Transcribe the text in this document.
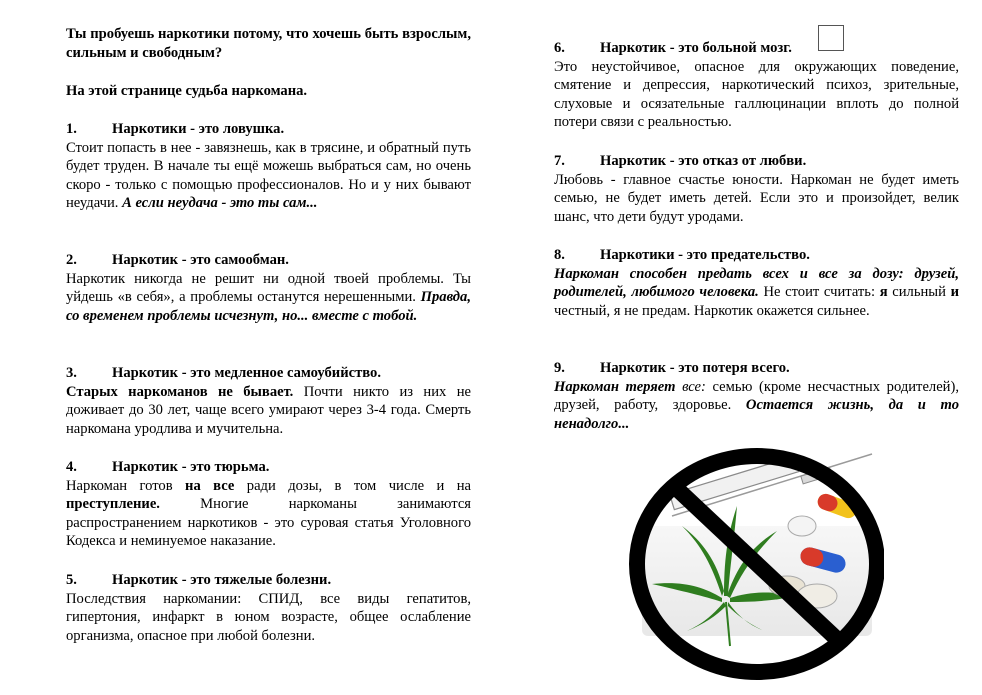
Ты пробуешь наркотики потому, что хочешь быть взрослым, сильным и свободным?
На этой странице судьба наркомана.
1. Наркотики - это ловушка.
Стоит попасть в нее - завязнешь, как в трясине, и обратный путь будет труден. В начале ты ещё можешь выбраться сам, но очень скоро - только с помощью профессионалов. Но и у них бывают неудачи. А если неудача - это ты сам...
2. Наркотик - это самообман.
Наркотик никогда не решит ни одной твоей проблемы. Ты уйдешь «в себя», а проблемы останутся нерешенными. Правда, со временем проблемы исчезнут, но... вместе с тобой.
3. Наркотик - это медленное самоубийство.
Старых наркоманов не бывает. Почти никто из них не доживает до 30 лет, чаще всего умирают через 3-4 года. Смерть наркомана уродлива и мучительна.
4. Наркотик - это тюрьма.
Наркоман готов на все ради дозы, в том числе и на преступление.	Многие наркоманы занимаются распространением наркотиков - это суровая статья Уголовного Кодекса и неминуемое наказание.
5. Наркотик - это тяжелые болезни.
Последствия наркомании: СПИД, все виды гепатитов, гипертония, инфаркт в юном возрасте, общее ослабление организма, опасное при любой болезни.
6. Наркотик - это больной мозг.
Это неустойчивое, опасное для окружающих поведение, смятение и депрессия, наркотический психоз, зрительные, слуховые и осязательные галлюцинации вплоть до полной потери связи с реальностью.
7. Наркотик - это отказ от любви.
Любовь - главное счастье юности. Наркоман не будет иметь семью, не будет иметь детей. Если это и произойдет, велик шанс, что дети будут уродами.
8. Наркотики - это предательство.
Наркоман способен предать всех и все за дозу: друзей, родителей, любимого человека. Не стоит считать: я сильный и честный, я не предам. Наркотик окажется сильнее.
9. Наркотик - это потеря всего.
Наркоман теряет все: семью (кроме несчастных родителей), друзей, работу, здоровье. Остается жизнь, да и то ненадолго...
